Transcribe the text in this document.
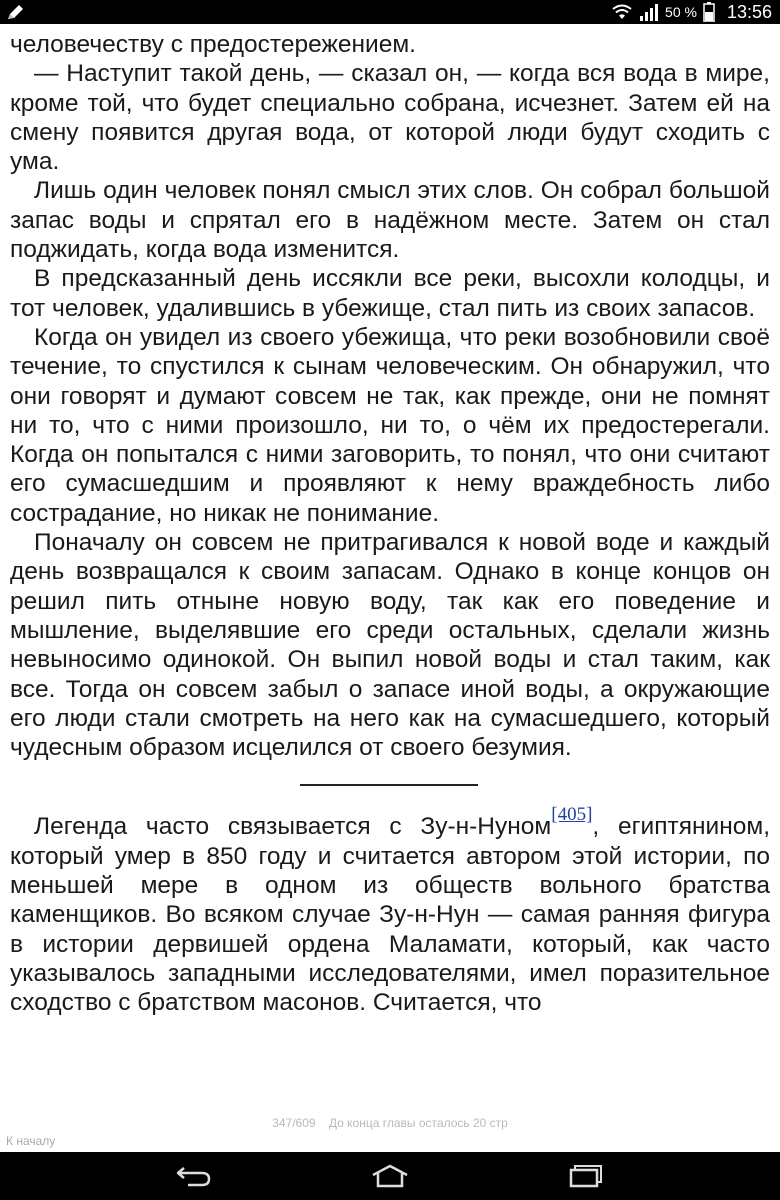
50 % 13:56

человечеству с предостережением.

— Наступит такой день, — сказал он, — когда вся вода в мире, кроме той, что будет специально собрана, исчезнет. Затем ей на смену появится другая вода, от которой люди будут сходить с ума.

Лишь один человек понял смысл этих слов. Он собрал большой запас воды и спрятал его в надёжном месте. Затем он стал поджидать, когда вода изменится.

В предсказанный день иссякли все реки, высохли колодцы, и тот человек, удалившись в убежище, стал пить из своих запасов.

Когда он увидел из своего убежища, что реки возобновили своё течение, то спустился к сынам человеческим. Он обнаружил, что они говорят и думают совсем не так, как прежде, они не помнят ни то, что с ними произошло, ни то, о чём их предостерегали. Когда он попытался с ними заговорить, то понял, что они считают его сумасшедшим и проявляют к нему враждебность либо сострадание, но никак не понимание.

Поначалу он совсем не притрагивался к новой воде и каждый день возвращался к своим запасам. Однако в конце концов он решил пить отныне новую воду, так как его поведение и мышление, выделявшие его среди остальных, сделали жизнь невыносимо одинокой. Он выпил новой воды и стал таким, как все. Тогда он совсем забыл о запасе иной воды, а окружающие его люди стали смотреть на него как на сумасшедшего, который чудесным образом исцелился от своего безумия.

Легенда часто связывается с Зу-н-Нуном[405], египтянином, который умер в 850 году и считается автором этой истории, по меньшей мере в одном из обществ вольного братства каменщиков. Во всяком случае Зу-н-Нун — самая ранняя фигура в истории дервишей ордена Маламати, который, как часто указывалось западными исследователями, имел поразительное сходство с братством масонов. Считается, что

347/609 До конца главы осталось 20 стр
К началу
